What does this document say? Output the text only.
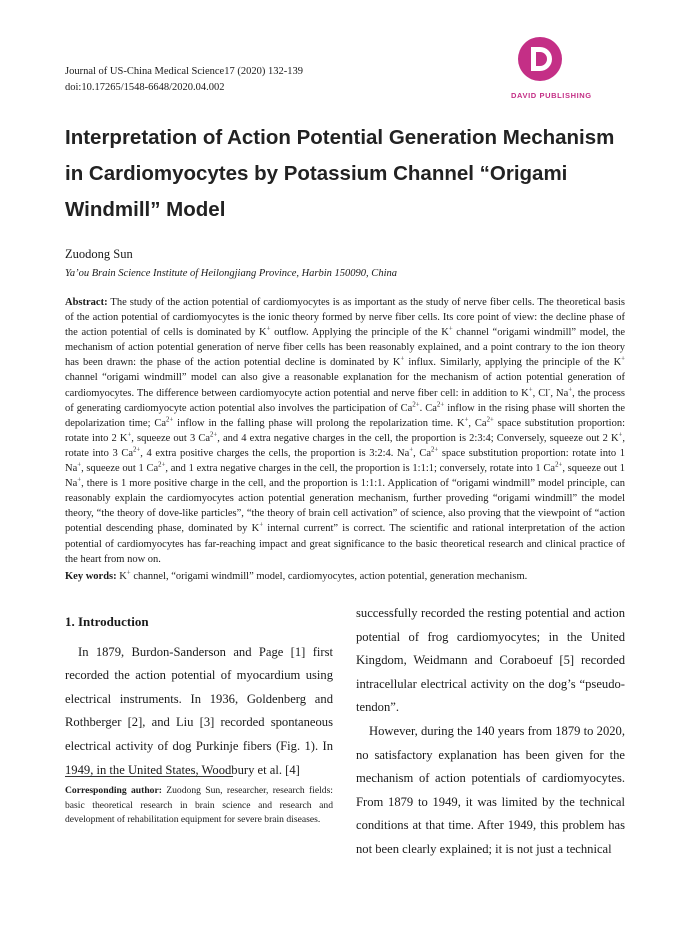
Journal of US-China Medical Science17 (2020) 132-139
doi:10.17265/1548-6648/2020.04.002
DAVID PUBLISHING
Interpretation of Action Potential Generation Mechanism in Cardiomyocytes by Potassium Channel “Origami Windmill” Model
Zuodong Sun
Ya’ou Brain Science Institute of Heilongjiang Province, Harbin 150090, China
Abstract: The study of the action potential of cardiomyocytes is as important as the study of nerve fiber cells. The theoretical basis of the action potential of cardiomyocytes is the ionic theory formed by nerve fiber cells. Its core point of view: the decline phase of the action potential of cells is dominated by K+ outflow. Applying the principle of the K+ channel “origami windmill” model, the mechanism of action potential generation of nerve fiber cells has been reasonably explained, and a point contrary to the ion theory has been drawn: the phase of the action potential decline is dominated by K+ influx. Similarly, applying the principle of the K+ channel “origami windmill” model can also give a reasonable explanation for the mechanism of action potential generation of cardiomyocytes. The difference between cardiomyocyte action potential and nerve fiber cell: in addition to K+, Cl-, Na+, the process of generating cardiomyocyte action potential also involves the participation of $Ca^{2+}$. $Ca^{2+}$ inflow in the rising phase will shorten the depolarization time; $Ca^{2+}$ inflow in the falling phase will prolong the repolarization time. K+, $Ca^{2+}$ space substitution proportion: rotate into 2 K+, squeeze out 3 $Ca^{2+}$, and 4 extra negative charges in the cell, the proportion is 2:3:4; Conversely, squeeze out 2 K+, rotate into 3 $Ca^{2+}$, 4 extra positive charges the cells, the proportion is 3:2:4. Na+, $Ca^{2+}$ space substitution proportion: rotate into 1 Na+, squeeze out 1 $Ca^{2+}$, and 1 extra negative charges in the cell, the proportion is 1:1:1; conversely, rotate into 1 $Ca^{2+}$, squeeze out 1 Na+, there is 1 more positive charge in the cell, and the proportion is 1:1:1. Application of “origami windmill” model principle, can reasonably explain the cardiomyocytes action potential generation mechanism, further proveding “origami windmill” the model theory, “the theory of dove-like particles”, “the theory of brain cell activation” of science, also proving that the viewpoint of “action potential descending phase, dominated by K+ internal current” is correct. The scientific and rational interpretation of the action potential of cardiomyocytes has far-reaching impact and great significance to the basic theoretical research and clinical practice of the heart from now on.
Key words: K+ channel, “origami windmill” model, cardiomyocytes, action potential, generation mechanism.
1. Introduction

In 1879, Burdon-Sanderson and Page [1] first recorded the action potential of myocardium using electrical instruments. In 1936, Goldenberg and Rothberger [2], and Liu [3] recorded spontaneous electrical activity of dog Purkinje fibers (Fig. 1). In 1949, in the United States, Woodbury et al. [4]

successfully recorded the resting potential and action potential of frog cardiomyocytes; in the United Kingdom, Weidmann and Coraboeuf [5] recorded intracellular electrical activity on the dog’s “pseudo-tendon”.

However, during the 140 years from 1879 to 2020, no satisfactory explanation has been given for the mechanism of action potentials of cardiomyocytes. From 1879 to 1949, it was limited by the technical conditions at that time. After 1949, this problem has not been clearly explained; it is not just a technical

Corresponding author: Zuodong Sun, researcher, research fields: basic theoretical research in brain science and research and development of rehabilitation equipment for severe brain diseases.
